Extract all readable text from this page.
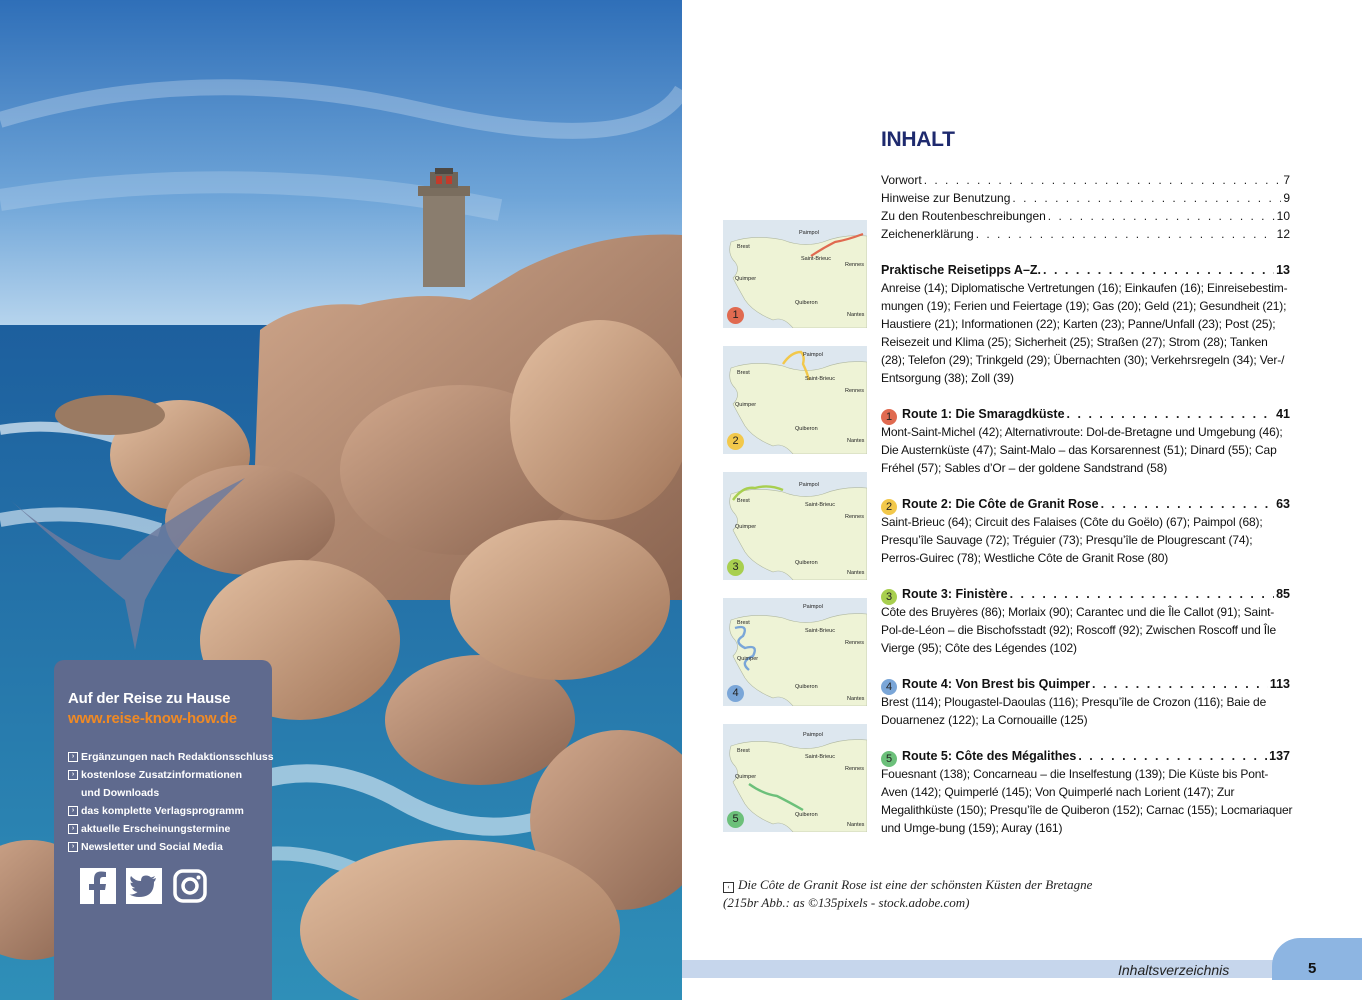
Auf der Reise zu Hause
www.reise-know-how.de
› Ergänzungen nach Redaktionsschluss
› kostenlose Zusatzinformationen
und Downloads
› das komplette Verlagsprogramm
› aktuelle Erscheinungstermine
› Newsletter und Social Media
INHALT
Vorwort . . .	7
Hinweise zur Benutzung . . .	9
Zu den Routenbeschreibungen . . .	10
Zeichenerklärung . . .	12
Praktische Reisetipps A–Z. . . .	13
Anreise (14); Diplomatische Vertretungen (16); Einkaufen (16); Einreisebestim-mungen (19); Ferien und Feiertage (19); Gas (20); Geld (21); Gesundheit (21); Haustiere (21); Informationen (22); Karten (23); Panne/Unfall (23); Post (25); Reisezeit und Klima (25); Sicherheit (25); Straßen (27); Strom (28); Tanken (28); Telefon (29); Trinkgeld (29); Übernachten (30); Verkehrsregeln (34); Ver-/ Entsorgung (38); Zoll (39)
1 Route 1: Die Smaragdküste . . .	41
Mont-Saint-Michel (42); Alternativroute: Dol-de-Bretagne und Umgebung (46); Die Austernküste (47); Saint-Malo – das Korsarennest (51); Dinard (55); Cap Fréhel (57); Sables d’Or – der goldene Sandstrand (58)
2 Route 2: Die Côte de Granit Rose . . .	63
Saint-Brieuc (64); Circuit des Falaises (Côte du Goëlo) (67); Paimpol (68); Presqu’île Sauvage (72); Tréguier (73); Presqu’île de Plougrescant (74); Perros-Guirec (78); Westliche Côte de Granit Rose (80)
3 Route 3: Finistère . . .	85
Côte des Bruyères (86); Morlaix (90); Carantec und die Île Callot (91); Saint-Pol-de-Léon – die Bischofsstadt (92); Roscoff (92); Zwischen Roscoff und Île Vierge (95); Côte des Légendes (102)
4 Route 4: Von Brest bis Quimper . . .	113
Brest (114); Plougastel-Daoulas (116); Presqu’île de Crozon (116); Baie de Douarnenez (122); La Cornouaille (125)
5 Route 5: Côte des Mégalithes . . .	137
Fouesnant (138); Concarneau – die Inselfestung (139); Die Küste bis Pont-Aven (142); Quimperlé (145); Von Quimperlé nach Lorient (147); Zur Megalithküste (150); Presqu’île de Quiberon (152); Carnac (155); Locmariaquer und Umge-bung (159); Auray (161)
Paimpol
Brest
Saint-Brieuc
Quimper
Rennes
Quiberon
Nantes
1
Paimpol
Brest
Saint-Brieuc
Quimper
Rennes
Quiberon
Nantes
2
Paimpol
Brest
Saint-Brieuc
Quimper
Rennes
Quiberon
Nantes
3
Paimpol
Brest
Saint-Brieuc
Quimper
Rennes
Quiberon
Nantes
4
Paimpol
Brest
Saint-Brieuc
Quimper
Rennes
Quiberon
Nantes
5
‹ Die Côte de Granit Rose ist eine der schönsten Küsten der Bretagne
(215br Abb.: as ©135pixels - stock.adobe.com)
Inhaltsverzeichnis	5
